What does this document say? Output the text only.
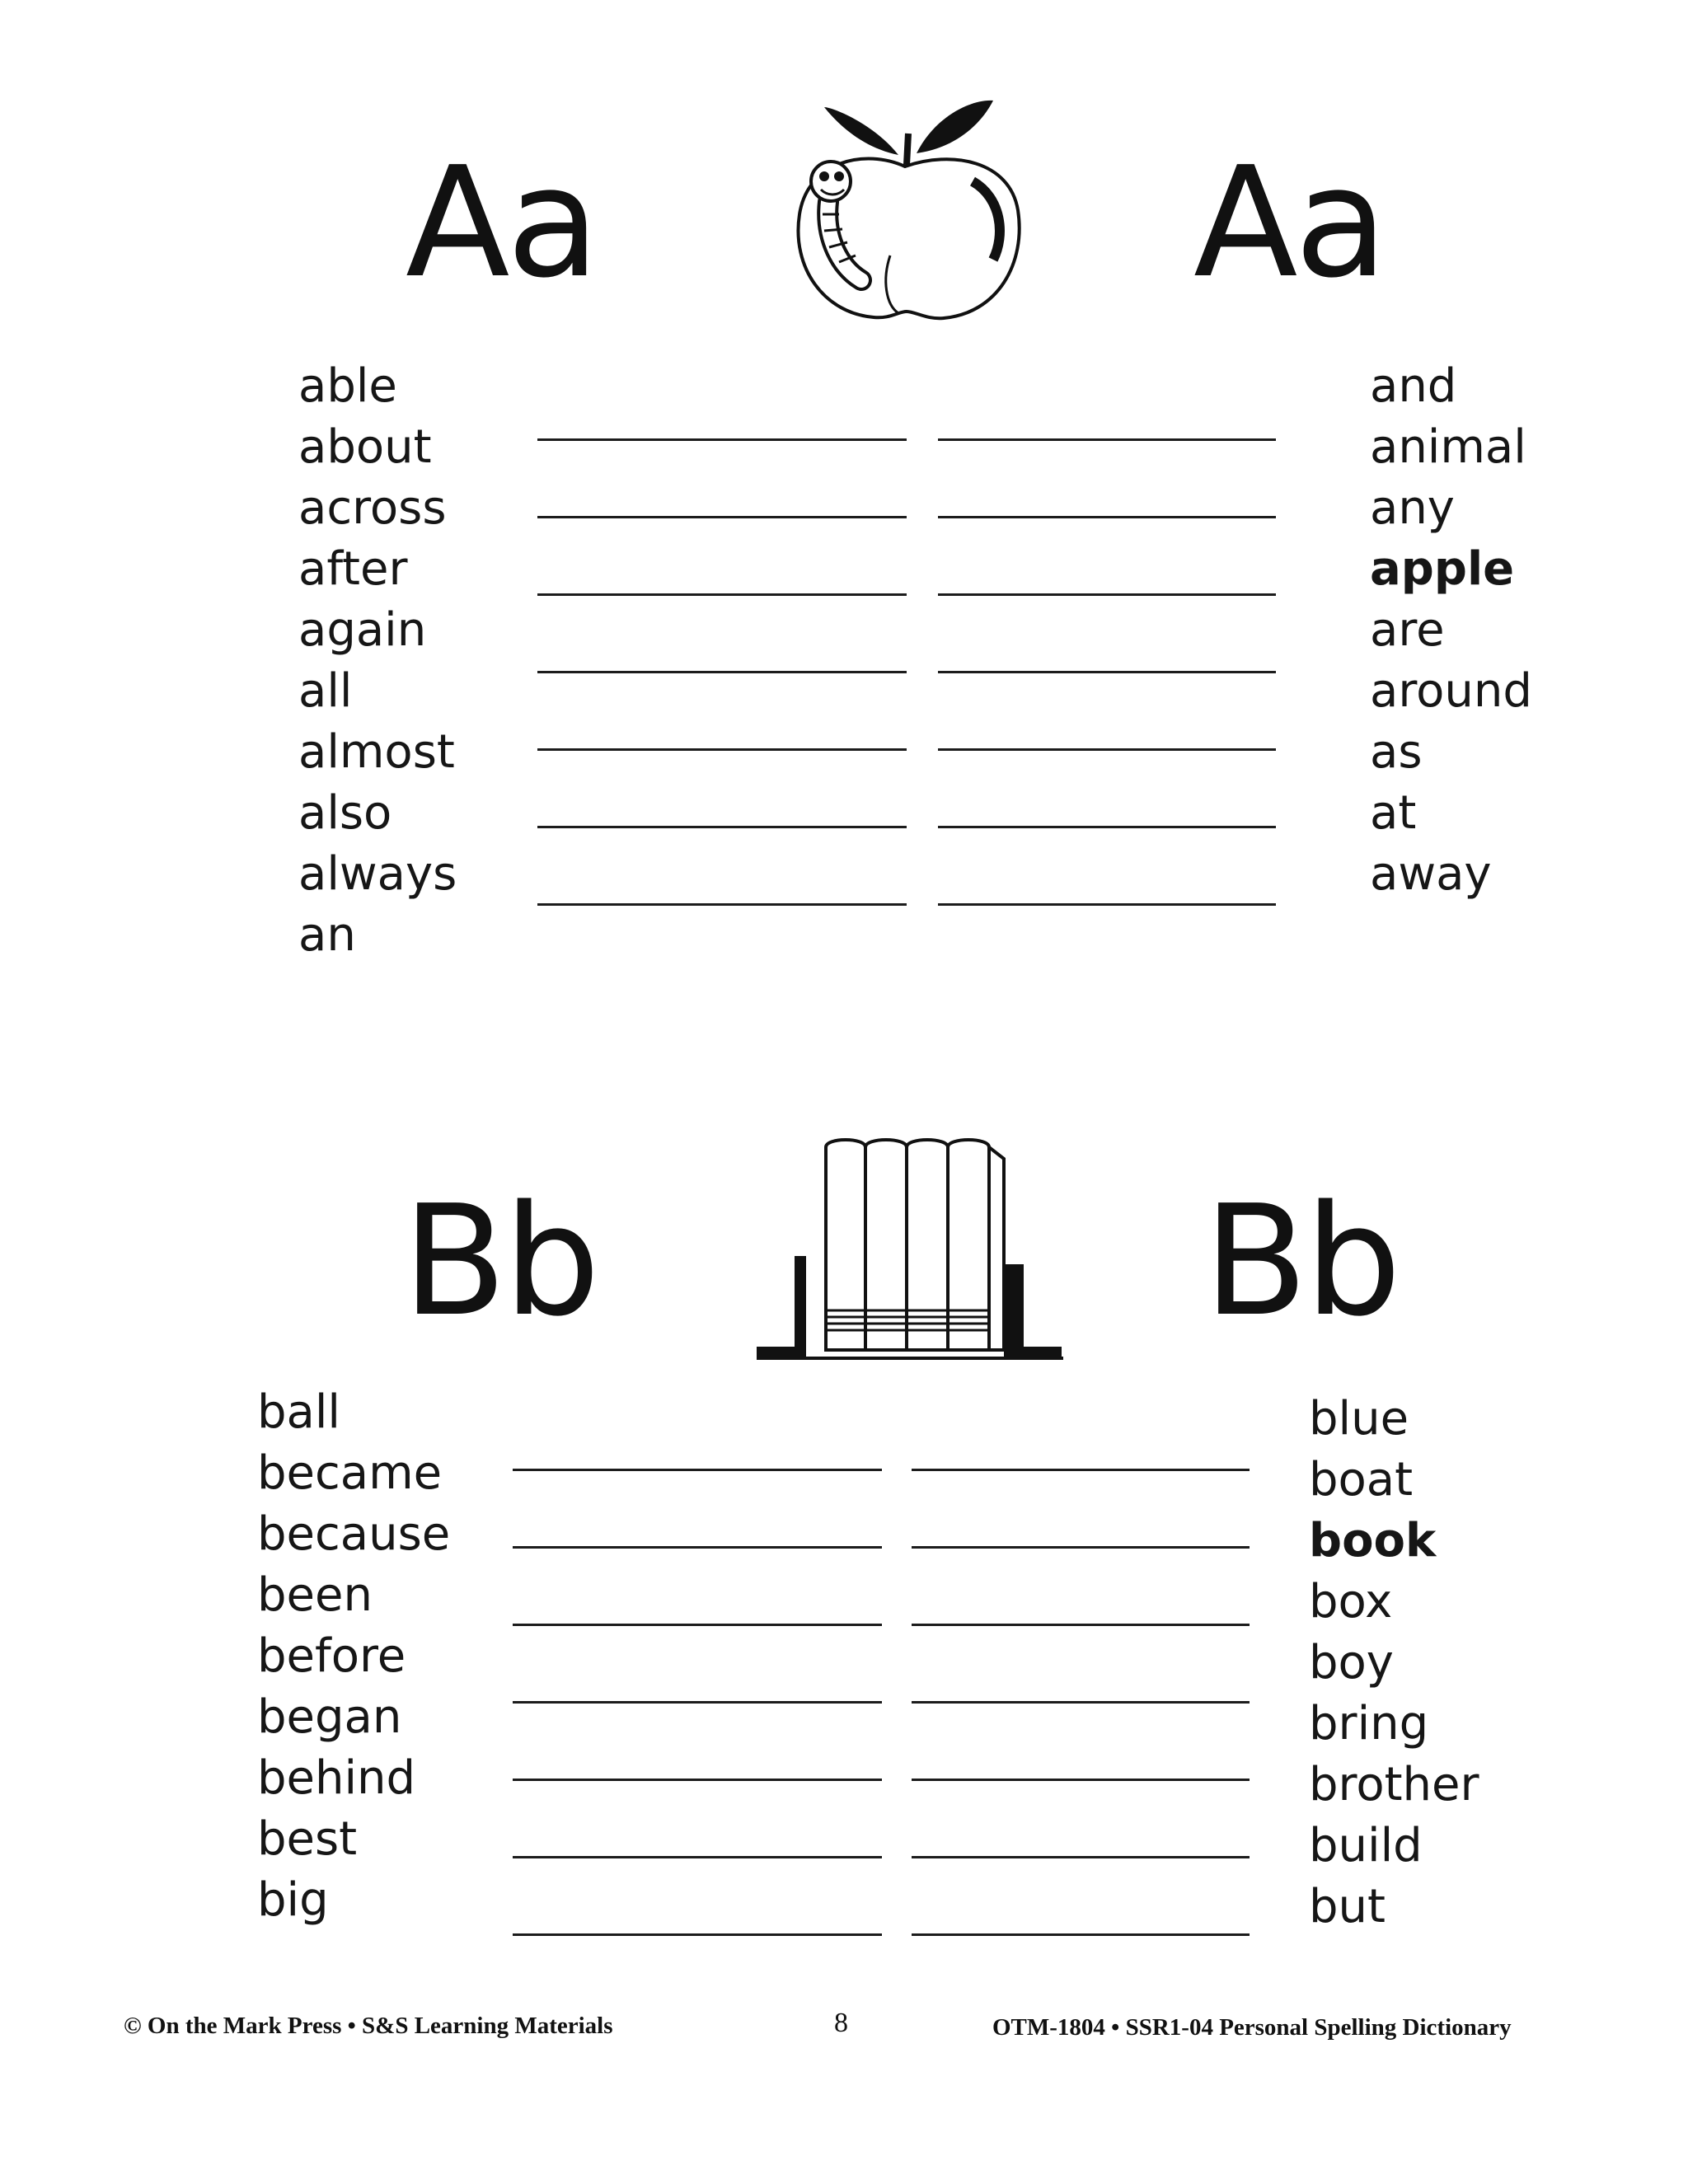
Aa	Aa
able
about
across
after
again
all
almost
also
always
an
and
animal
any
apple
are
around
as
at
away
Bb	Bb
ball
became
because
been
before
began
behind
best
big
blue
boat
book
box
boy
bring
brother
build
but
© On the Mark Press • S&S Learning Materials	8	OTM-1804 • SSR1-04 Personal Spelling Dictionary
